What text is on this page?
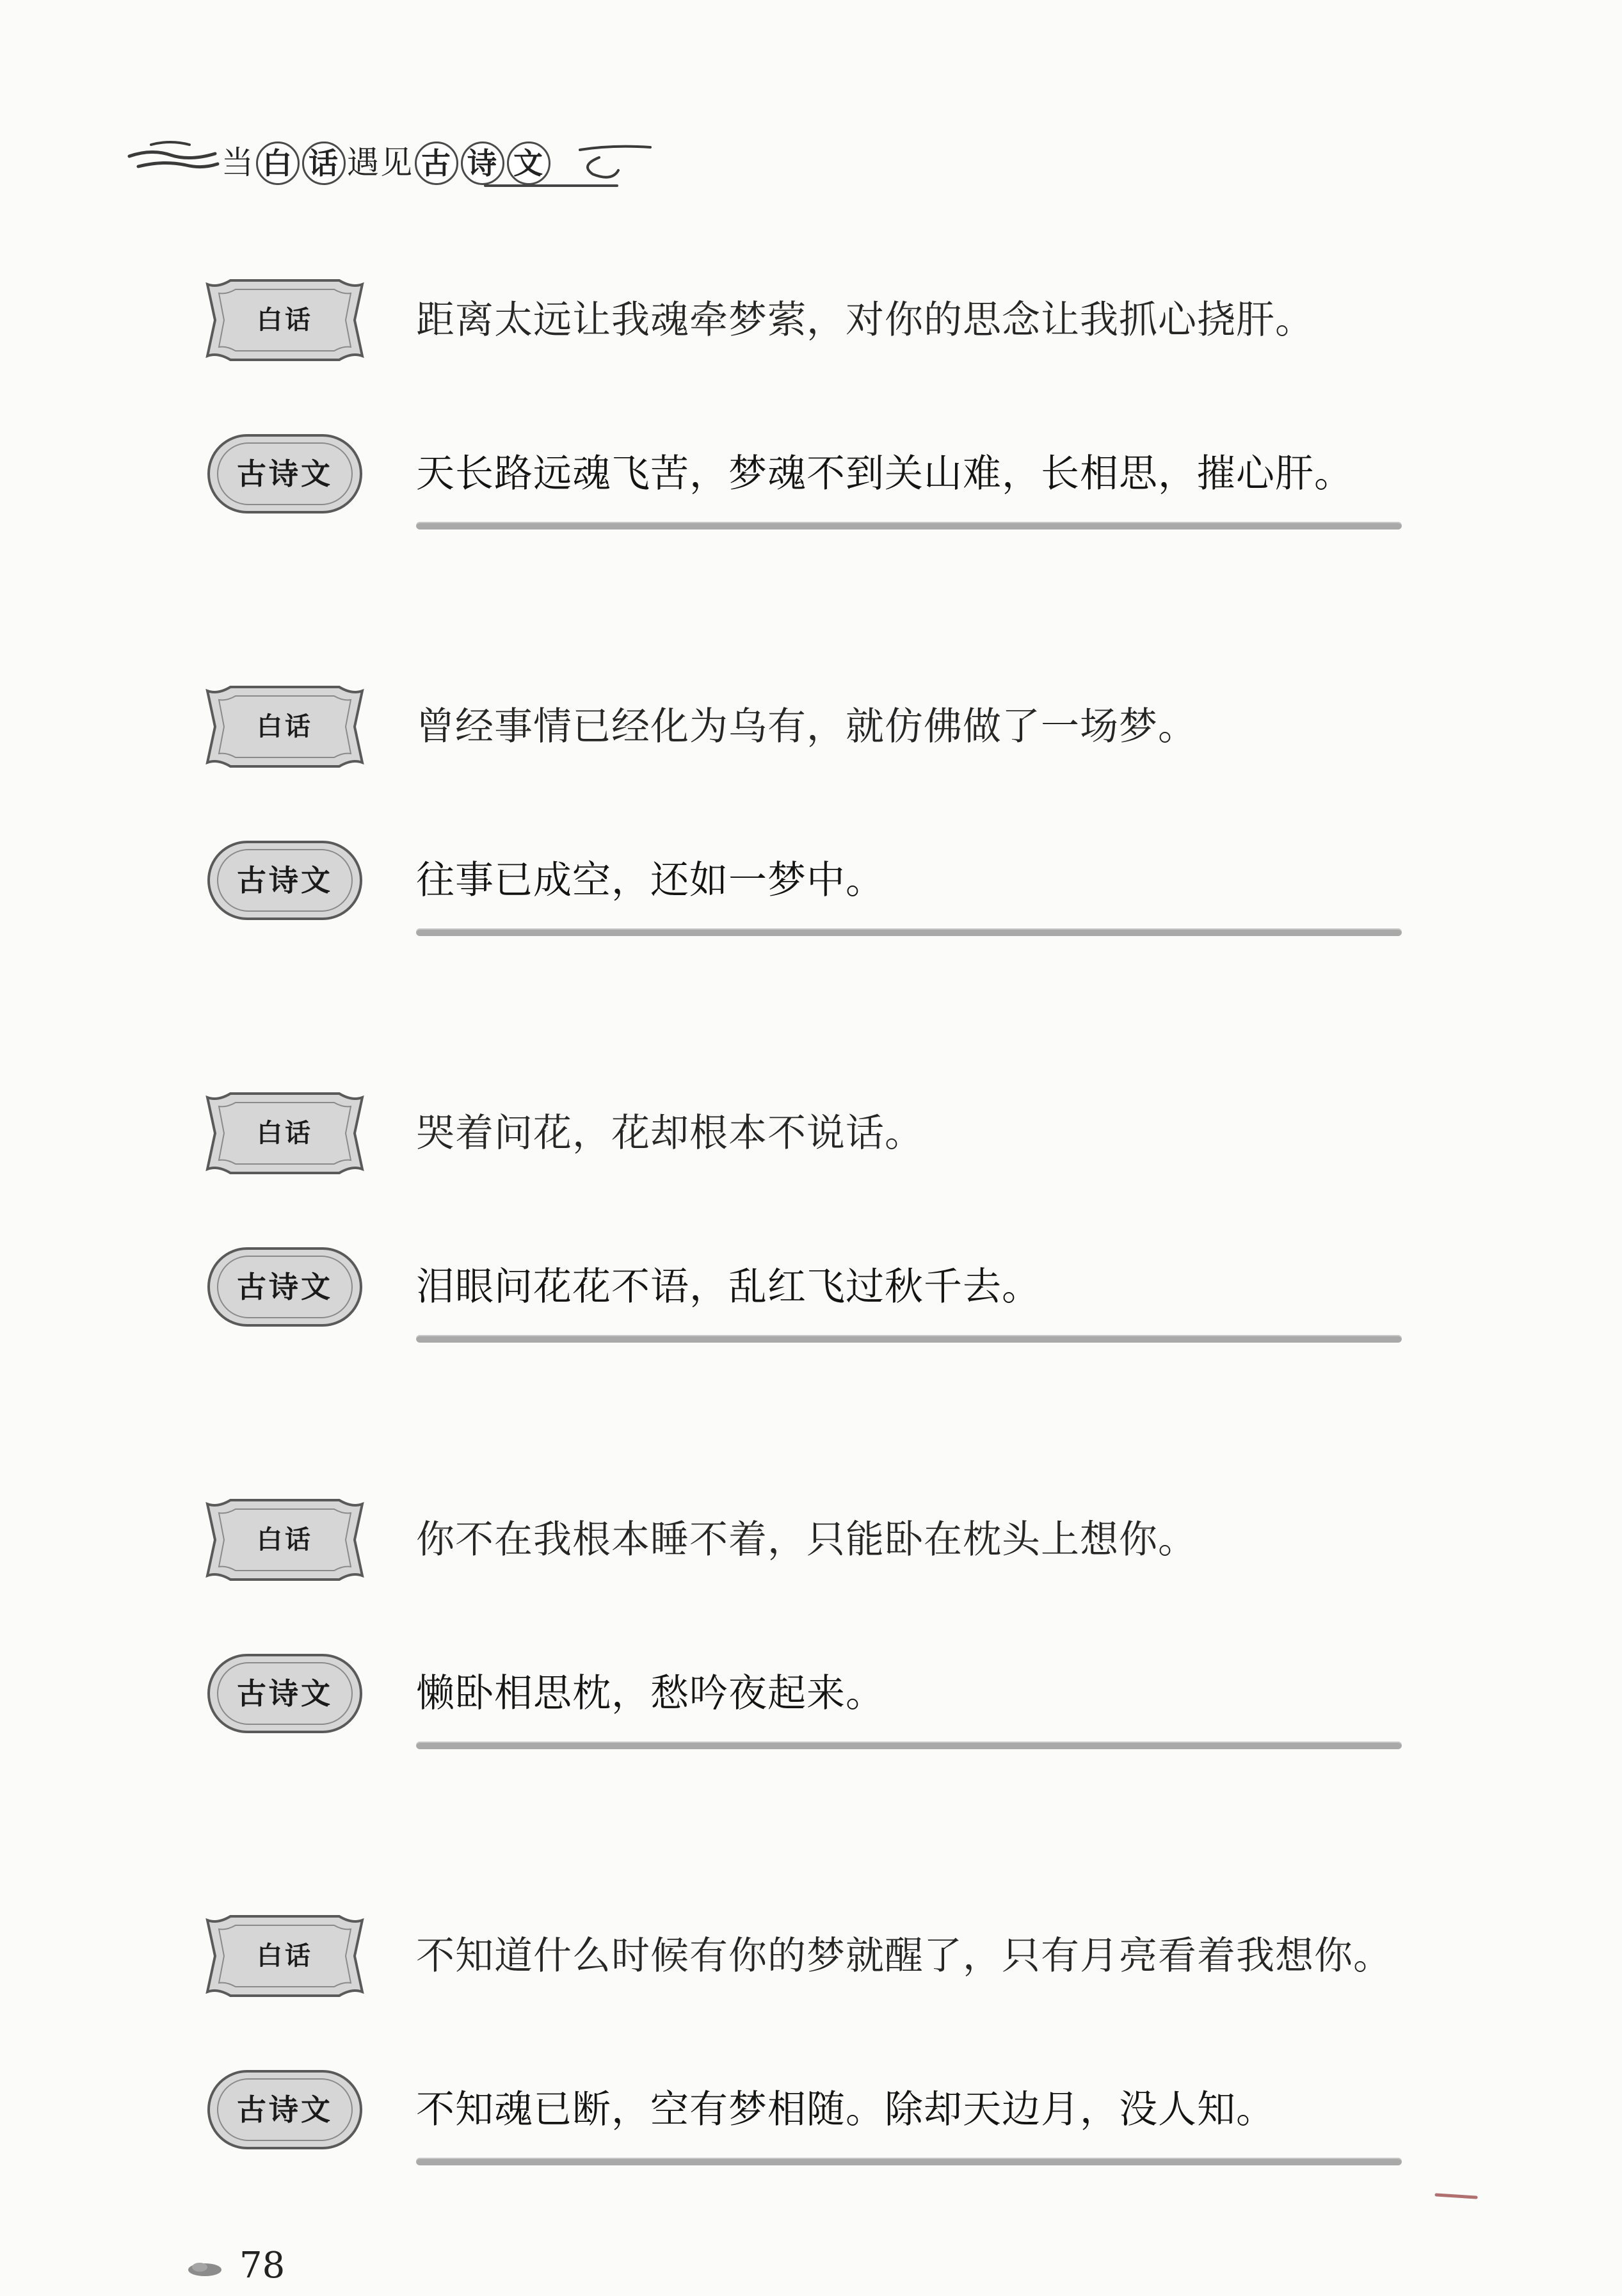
当 白 话 遇见 古 诗 文
白话	距离太远让我魂牵梦萦，对你的思念让我抓心挠肝。
古诗文	天长路远魂飞苦，梦魂不到关山难，长相思，摧心肝。
白话	曾经事情已经化为乌有，就仿佛做了一场梦。
古诗文	往事已成空，还如一梦中。
白话	哭着问花，花却根本不说话。
古诗文	泪眼问花花不语，乱红飞过秋千去。
白话	你不在我根本睡不着，只能卧在枕头上想你。
古诗文	懒卧相思枕，愁吟夜起来。
白话	不知道什么时候有你的梦就醒了，只有月亮看着我想你。
古诗文	不知魂已断，空有梦相随。除却天边月，没人知。
78
